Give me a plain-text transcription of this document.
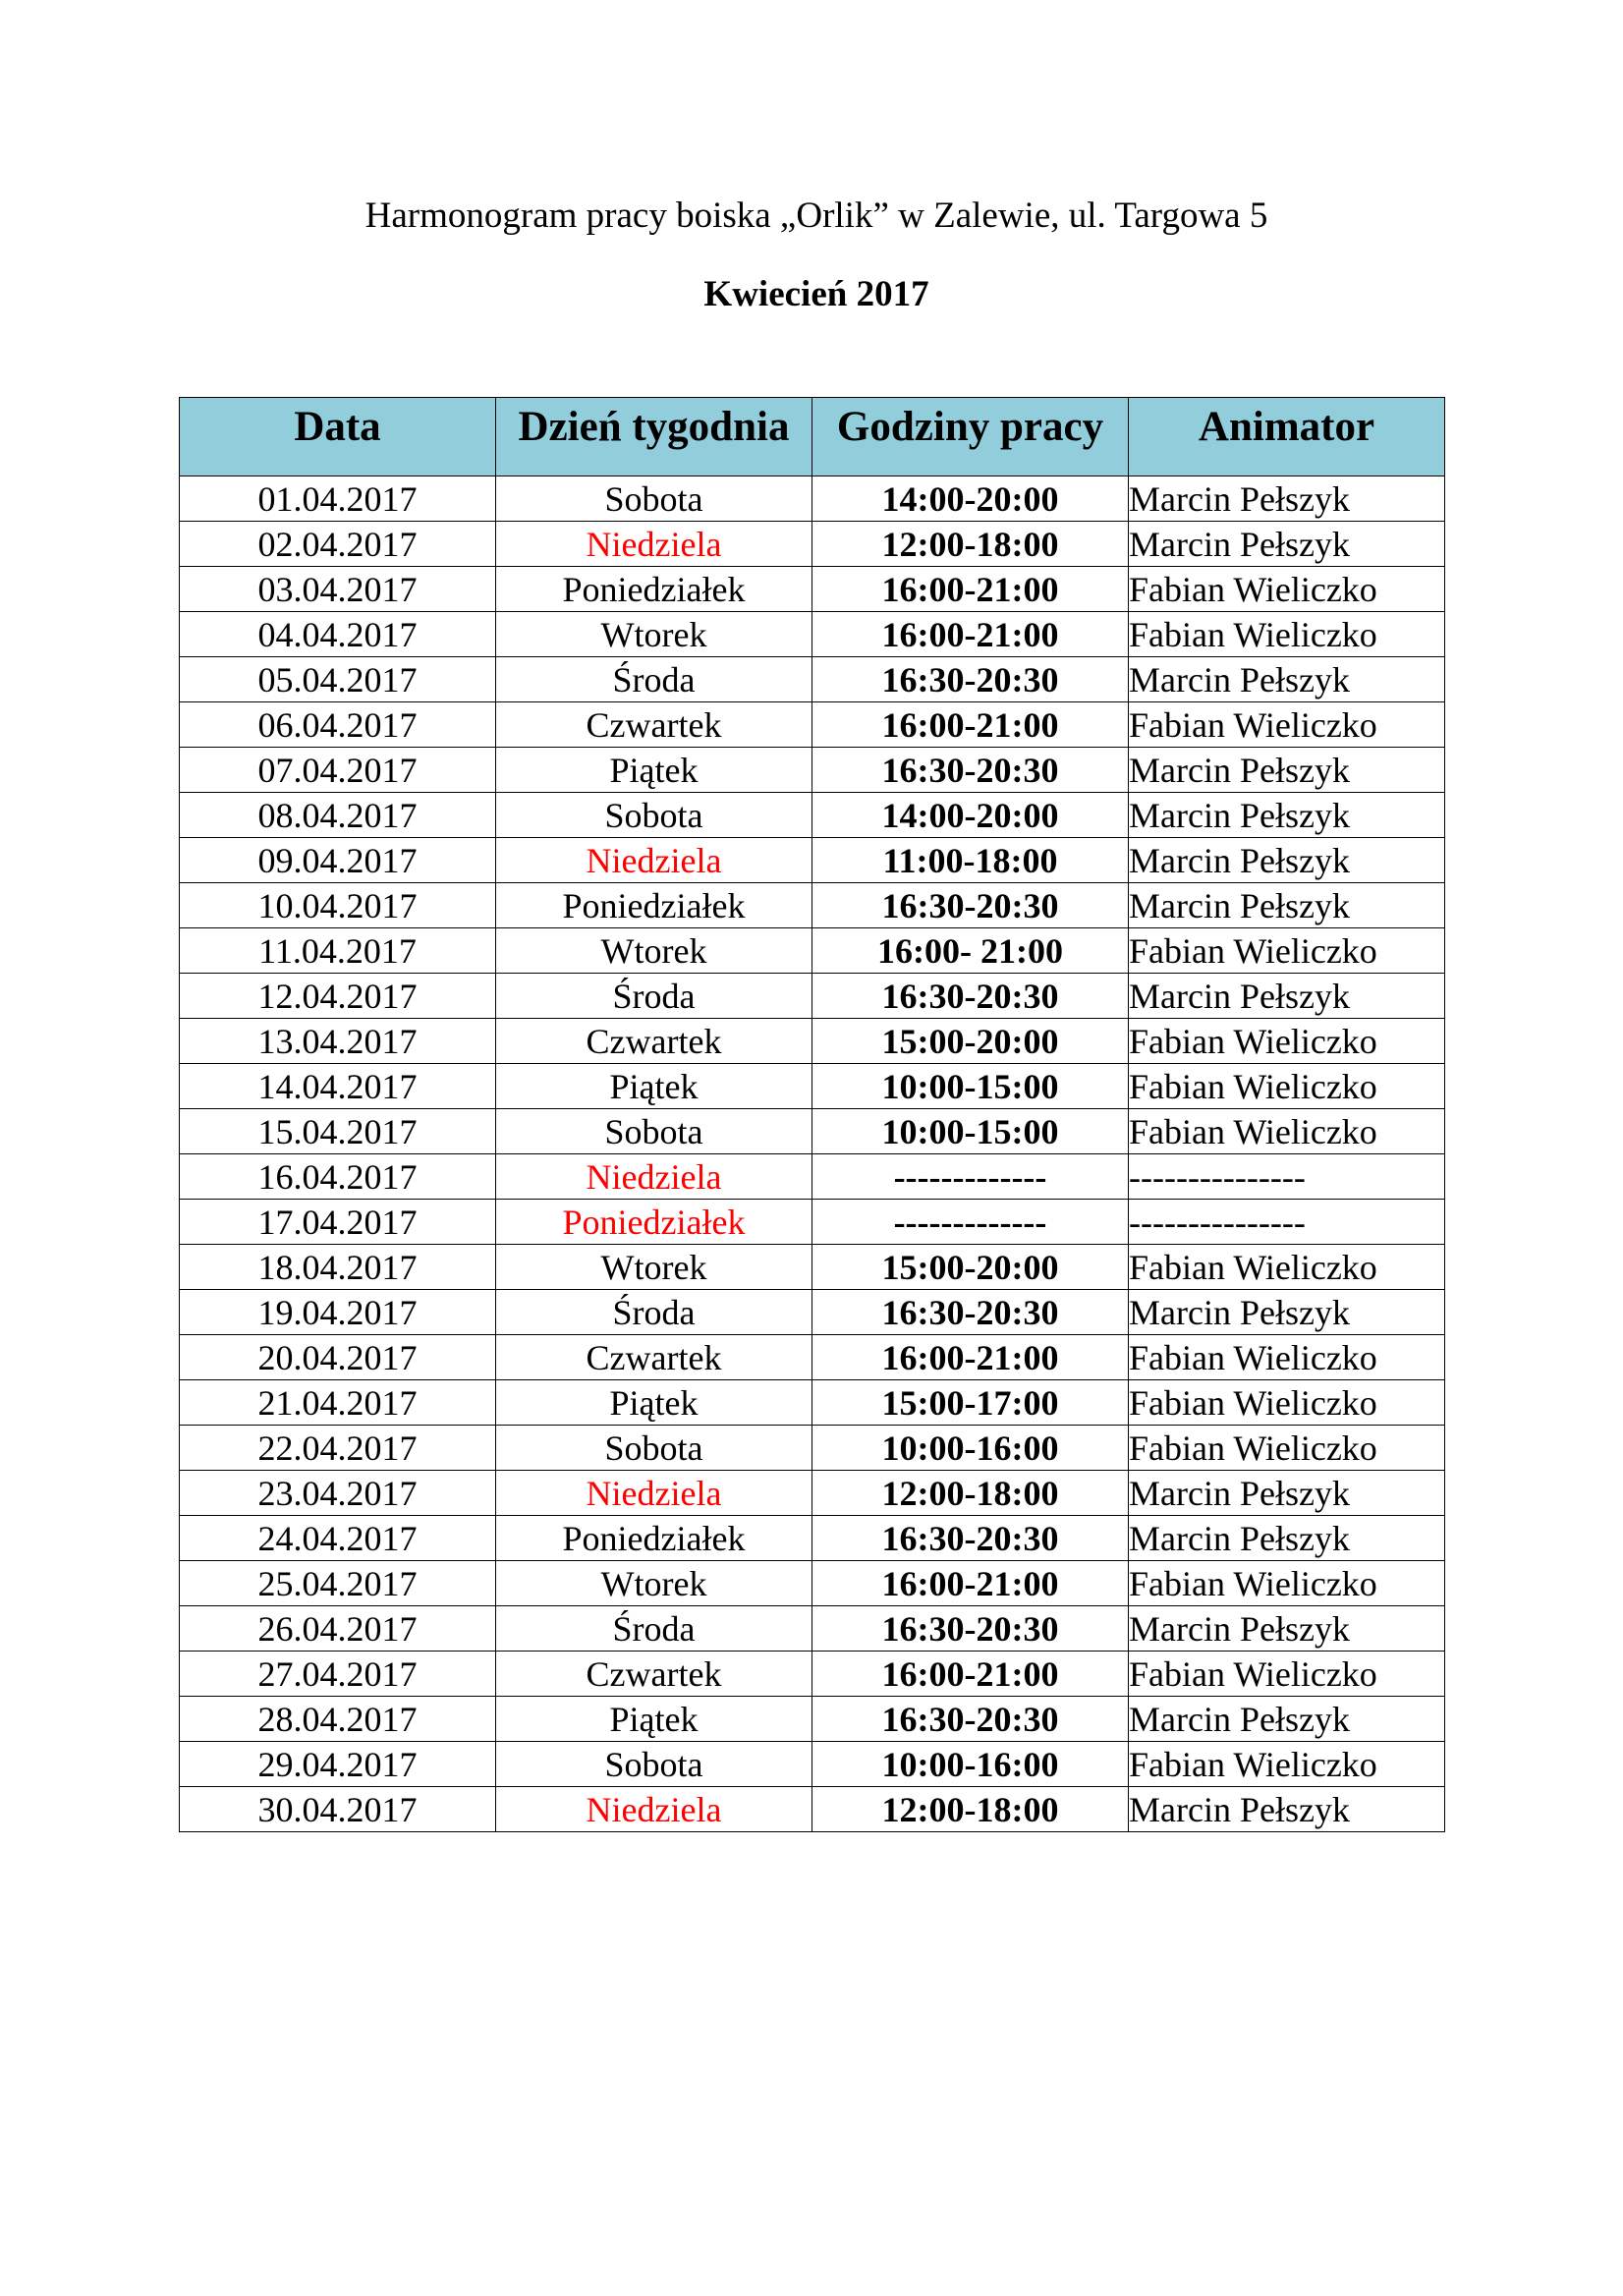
Harmonogram pracy boiska „Orlik” w Zalewie, ul. Targowa 5
Kwiecień 2017
Data	Dzień tygodnia	Godziny pracy	Animator
01.04.2017	Sobota	14:00-20:00	Marcin Pełszyk
02.04.2017	Niedziela	12:00-18:00	Marcin Pełszyk
03.04.2017	Poniedziałek	16:00-21:00	Fabian Wieliczko
04.04.2017	Wtorek	16:00-21:00	Fabian Wieliczko
05.04.2017	Środa	16:30-20:30	Marcin Pełszyk
06.04.2017	Czwartek	16:00-21:00	Fabian Wieliczko
07.04.2017	Piątek	16:30-20:30	Marcin Pełszyk
08.04.2017	Sobota	14:00-20:00	Marcin Pełszyk
09.04.2017	Niedziela	11:00-18:00	Marcin Pełszyk
10.04.2017	Poniedziałek	16:30-20:30	Marcin Pełszyk
11.04.2017	Wtorek	16:00- 21:00	Fabian Wieliczko
12.04.2017	Środa	16:30-20:30	Marcin Pełszyk
13.04.2017	Czwartek	15:00-20:00	Fabian Wieliczko
14.04.2017	Piątek	10:00-15:00	Fabian Wieliczko
15.04.2017	Sobota	10:00-15:00	Fabian Wieliczko
16.04.2017	Niedziela	-------------	---------------
17.04.2017	Poniedziałek	-------------	---------------
18.04.2017	Wtorek	15:00-20:00	Fabian Wieliczko
19.04.2017	Środa	16:30-20:30	Marcin Pełszyk
20.04.2017	Czwartek	16:00-21:00	Fabian Wieliczko
21.04.2017	Piątek	15:00-17:00	Fabian Wieliczko
22.04.2017	Sobota	10:00-16:00	Fabian Wieliczko
23.04.2017	Niedziela	12:00-18:00	Marcin Pełszyk
24.04.2017	Poniedziałek	16:30-20:30	Marcin Pełszyk
25.04.2017	Wtorek	16:00-21:00	Fabian Wieliczko
26.04.2017	Środa	16:30-20:30	Marcin Pełszyk
27.04.2017	Czwartek	16:00-21:00	Fabian Wieliczko
28.04.2017	Piątek	16:30-20:30	Marcin Pełszyk
29.04.2017	Sobota	10:00-16:00	Fabian Wieliczko
30.04.2017	Niedziela	12:00-18:00	Marcin Pełszyk
